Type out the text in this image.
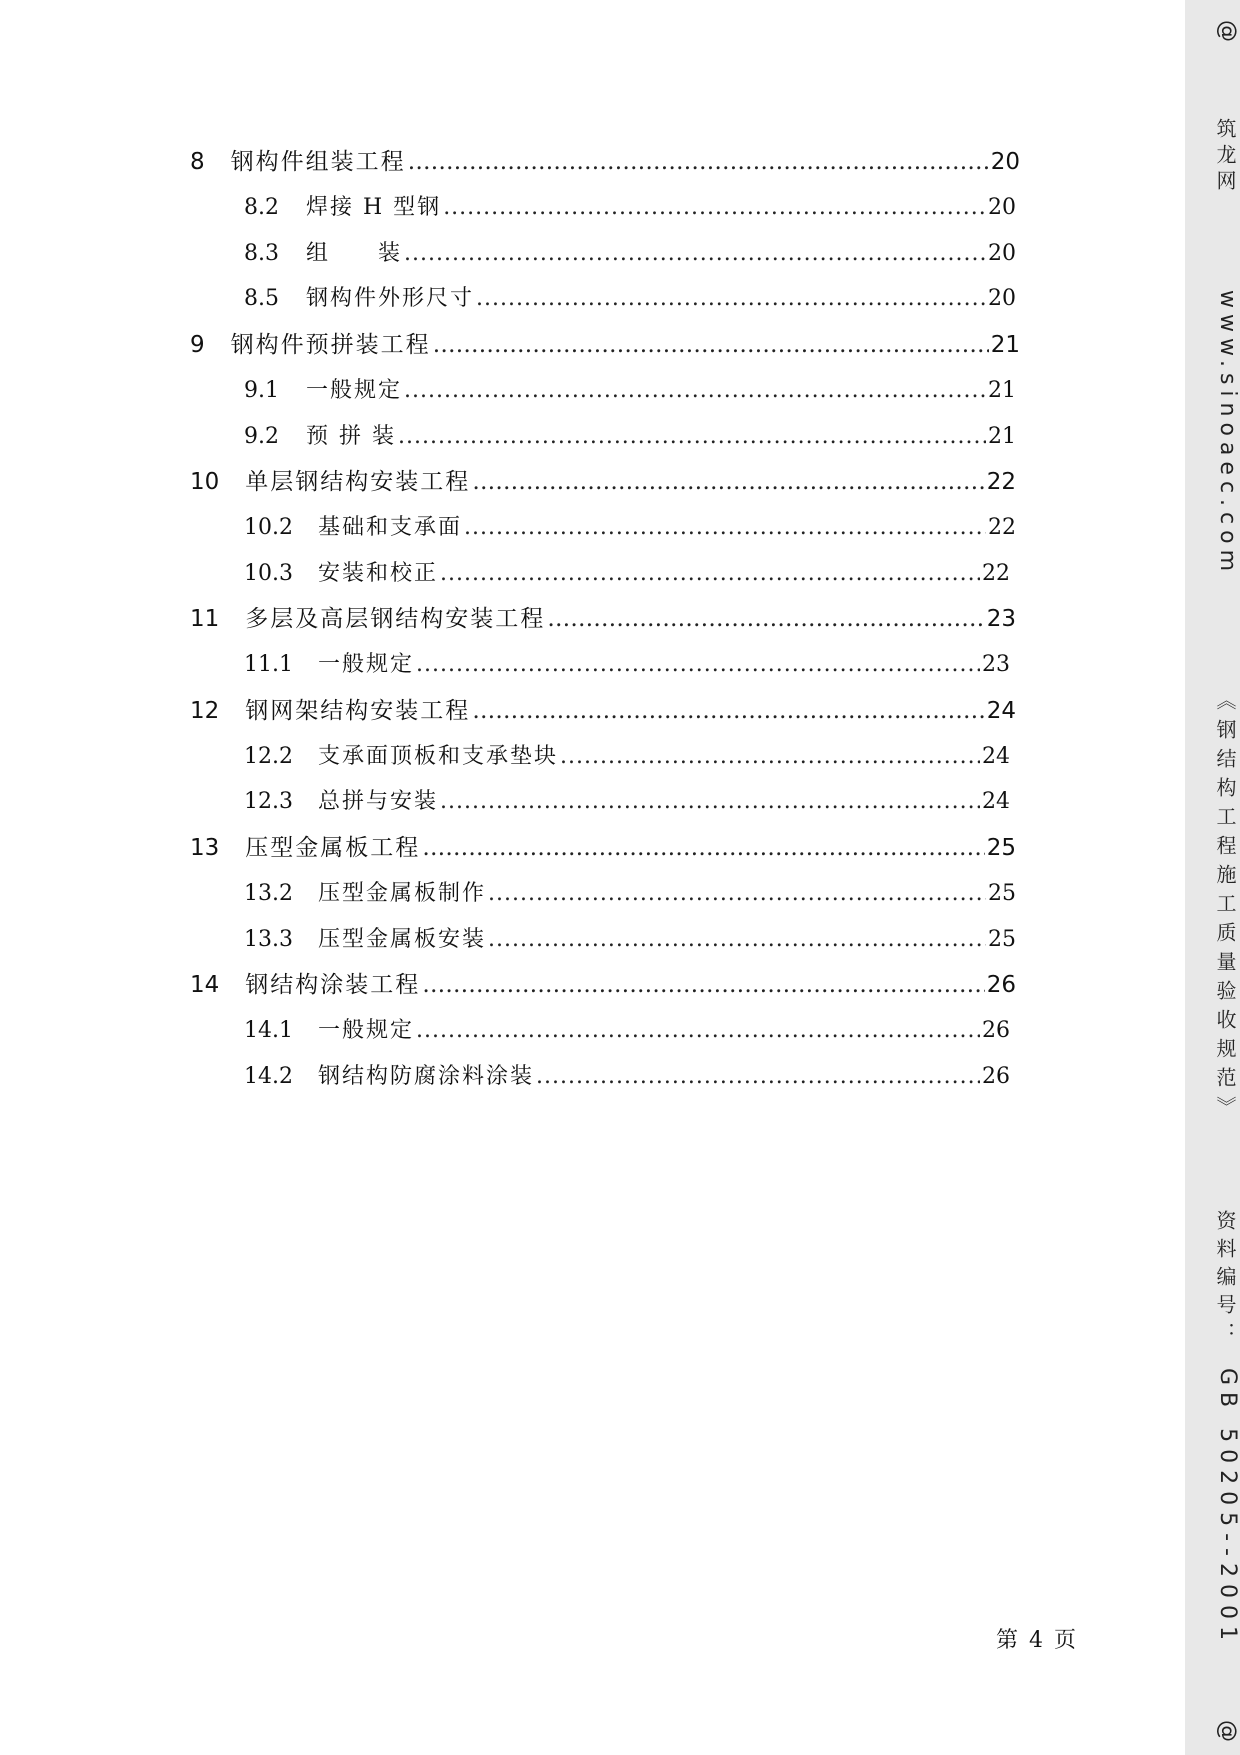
8 钢构件组装工程 …………………………………………………………………………………………………………………………	20
8.2	焊接 H 型钢 .....	20
8.3	组　　装 .....	20
8.5	钢构件外形尺寸 .....	20
9 钢构件预拼装工程 …………………………………………………………………………………………………………………………	21
9.1	一般规定 .....	21
9.2	预 拼 装 .....	21
10 单层钢结构安装工程 …………………………………………………………………………………………………………………………	22
10.2	基础和支承面 .....	22
10.3	安装和校正 .....	22
11 多层及高层钢结构安装工程 …………………………………………………………………………………………………………………………	23
11.1	一般规定 .....	23
12 钢网架结构安装工程 …………………………………………………………………………………………………………………………	24
12.2	支承面顶板和支承垫块 .....	24
12.3	总拼与安装 .....	24
13 压型金属板工程 …………………………………………………………………………………………………………………………	25
13.2	压型金属板制作 .....	25
13.3	压型金属板安装 .....	25
14 钢结构涂装工程 …………………………………………………………………………………………………………………………	26
14.1	一般规定 .....	26
14.2	钢结构防腐涂料涂装 .....	26
第 4 页
@
筑龙网
www.sinoaec.com
《钢结构工程施工质量验收规范》
资料编号：
GB 50205--2001
@
